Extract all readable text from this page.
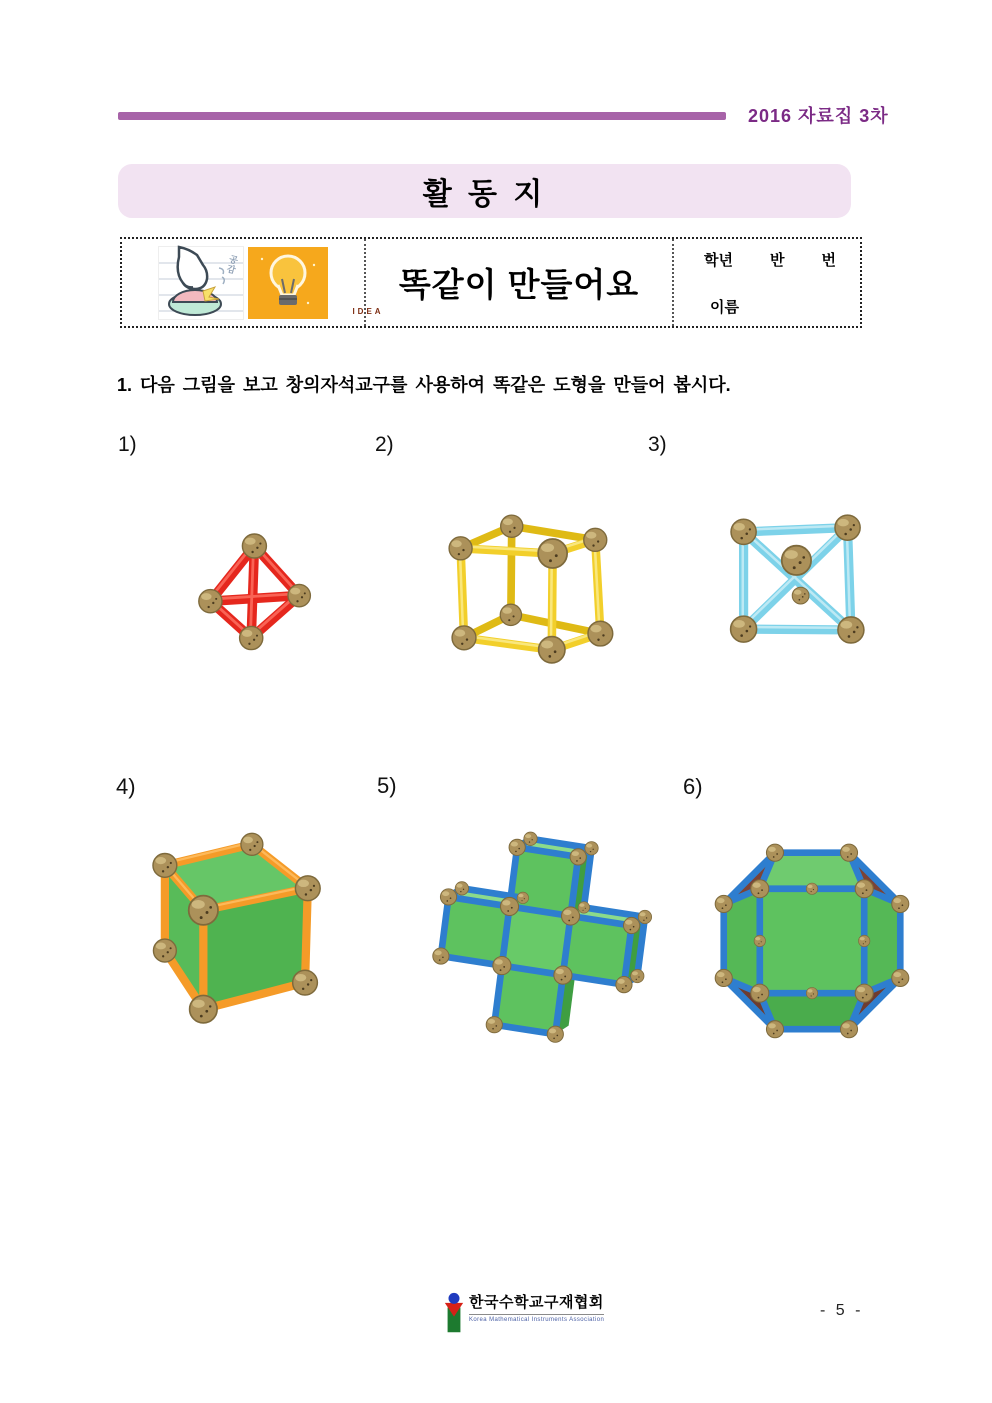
2016 자료집 3차
활 동 지
공감
IDEA
똑같이 만들어요
학년 반 번
이름
1. 다음 그림을 보고 창의자석교구를 사용하여 똑같은 도형을 만들어 봅시다.
1)	2)	3)
4)	5)	6)
한국수학교구재협회
Korea Mathematical Instruments Association
- 5 -
